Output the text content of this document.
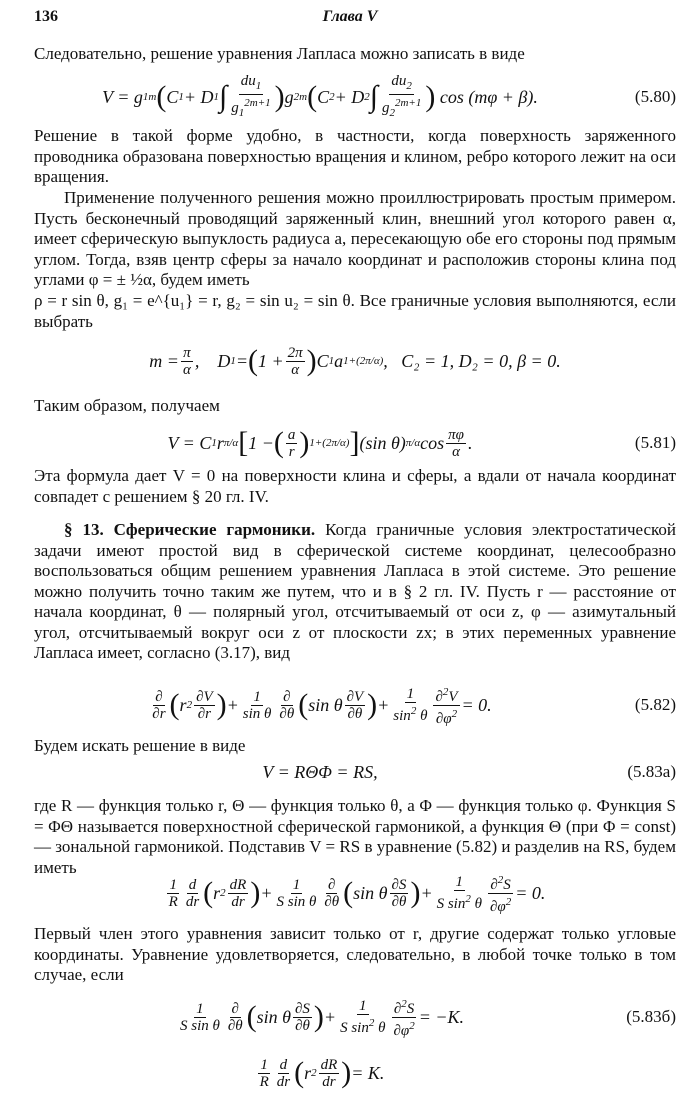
136	Глава V
Следовательно, решение уравнения Лапласа можно записать в виде
V = g 1 m ( C 1 + D 1 ∫ $\frac{du_1}{g_1^{2m+1}}$ ) g 2 m ( C 2 + D 2 ∫ $\frac{du_2}{g_2^{2m+1}}$ ) cos (mφ + β).	(5.80)
Решение в такой форме удобно, в частности, когда поверхность заряженного проводника образована поверхностью вращения и клином, ребро которого лежит на оси вращения.
Применение полученного решения можно проиллюстрировать простым примером. Пусть бесконечный проводящий заряженный клин, внешний угол которого равен α, имеет сферическую выпуклость радиуса a, пересекающую обе его стороны под прямым углом. Тогда, взяв центр сферы за начало координат и расположив стороны клина под углами φ = ± ½α, будем иметь
ρ = r sin θ, g₁ = e^{u₁} = r, g₂ = sin u₂ = sin θ. Все граничные условия выполняются, если выбрать
$m = \frac{\pi}{\alpha}$ ,    D 1 = ( $1 + \frac{2\pi}{\alpha}$ ) C 1 a 1+(2π/α) , C₂ = 1, D₂ = 0, β = 0.
Таким образом, получаем
V = C 1 r π/α [ 1 − ( $\frac{a}{r}$ ) 1+(2π/α) ] (sin θ) π/α $\cos \frac{\pi\varphi}{\alpha}$ .	(5.81)
Эта формула дает V = 0 на поверхности клина и сферы, а вдали от начала координат совпадет с решением § 20 гл. IV.
§ 13. Сферические гармоники. Когда граничные условия электростатической задачи имеют простой вид в сферической системе координат, целесообразно воспользоваться общим решением уравнения Лапласа в этой системе. Это решение можно получить точно таким же путем, что и в § 2 гл. IV. Пусть r — расстояние от начала координат, θ — полярный угол, отсчитываемый от оси z, φ — азимутальный угол, отсчитываемый вокруг оси z от плоскости zx; в этих переменных уравнение Лапласа имеет, согласно (3.17), вид
$\frac{\partial}{\partial r}$ ( r $2 \frac{\partial V}{\partial r}$ ) + $\frac{1}{\text{sin θ}} \frac{\partial}{\partial\theta}$ ( sin θ $\frac{\partial V}{\partial\theta}$ ) + $\frac{1}{\sin^2 \theta} \frac{\partial^2V}{\partial\varphi^2} = 0$.	(5.82)
Будем искать решение в виде
V = RΘΦ = RS,	(5.83a)
где R — функция только r, Θ — функция только θ, а Φ — функция только φ. Функция S = ΦΘ называется поверхностной сферической гармоникой, а функция Θ (при Φ = const) — зональной гармоникой. Подставив V = RS в уравнение (5.82) и разделив на RS, будем иметь
$\frac{1}{R} \frac{d}{dr}$ ( r $2 \frac{dR}{dr}$ ) + $\frac{1}{\text{S sin θ}} \frac{\partial}{\partial\theta}$ ( sin θ $\frac{\partial S}{\partial\theta}$ ) + $\frac{1}{S \sin^2 \theta} \frac{\partial^2S}{\partial\varphi^2} = 0$.
Первый член этого уравнения зависит только от r, другие содержат только угловые координаты. Уравнение удовлетворяется, следовательно, в любой точке только в том случае, если
$\frac{1}{\text{S sin θ}} \frac{\partial}{\partial\theta}$ ( sin θ $\frac{\partial S}{\partial\theta}$ ) + $\frac{1}{S \sin^2 \theta} \frac{\partial^2S}{\partial\varphi^2} = -K$.	(5.83б)
$\frac{1}{R} \frac{d}{dr}$ ( r $2 \frac{dR}{dr}$ ) = K.
